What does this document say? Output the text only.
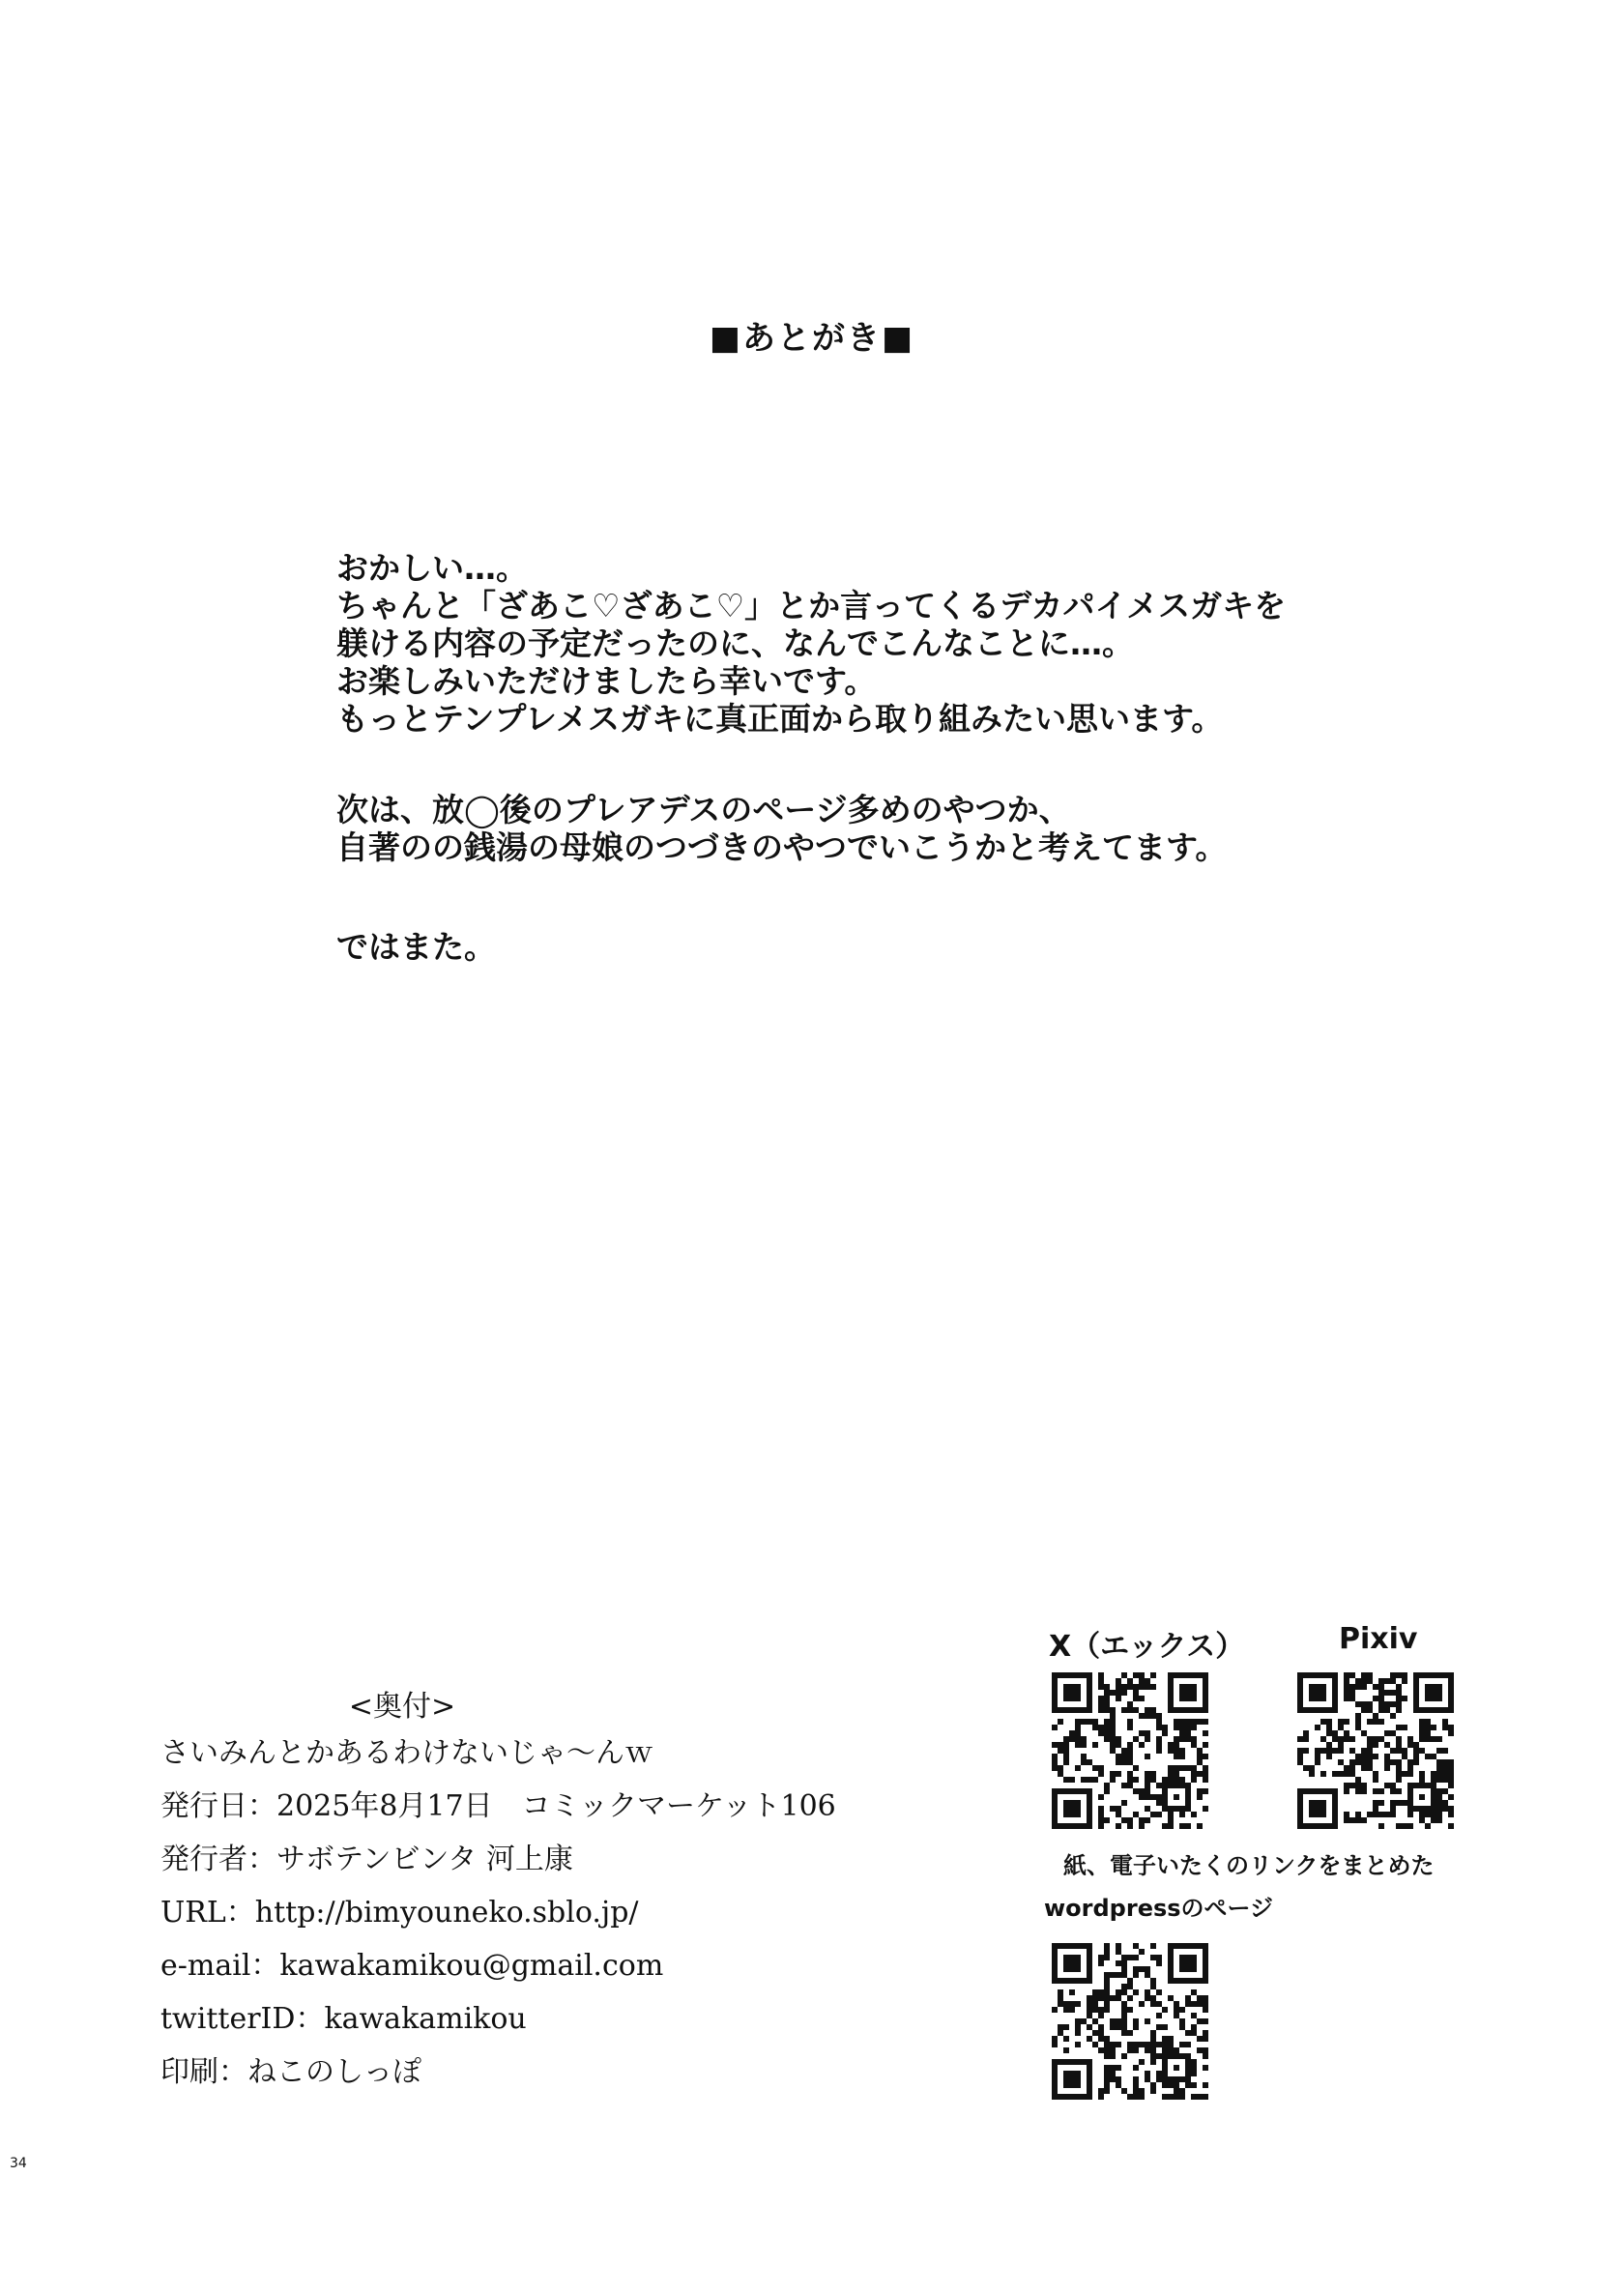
■あとがき■
おかしい…。
ちゃんと「ざあこ♡ざあこ♡」とか言ってくるデカパイメスガキを
躾ける内容の予定だったのに、なんでこんなことに…。
お楽しみいただけましたら幸いです。
もっとテンプレメスガキに真正面から取り組みたい思います。
次は、放◯後のプレアデスのページ多めのやつか、
自著のの銭湯の母娘のつづきのやつでいこうかと考えてます。
ではまた。
<奥付>
さいみんとかあるわけないじゃ〜んｗ
発行日：2025年8月17日　コミックマーケット106
発行者：サボテンビンタ 河上康
URL：http://bimyouneko.sblo.jp/
e-mail：kawakamikou@gmail.com
twitterID：kawakamikou
印刷：ねこのしっぽ
X（エックス）	Pixiv
紙、電子いたくのリンクをまとめた
wordpressのページ
34
